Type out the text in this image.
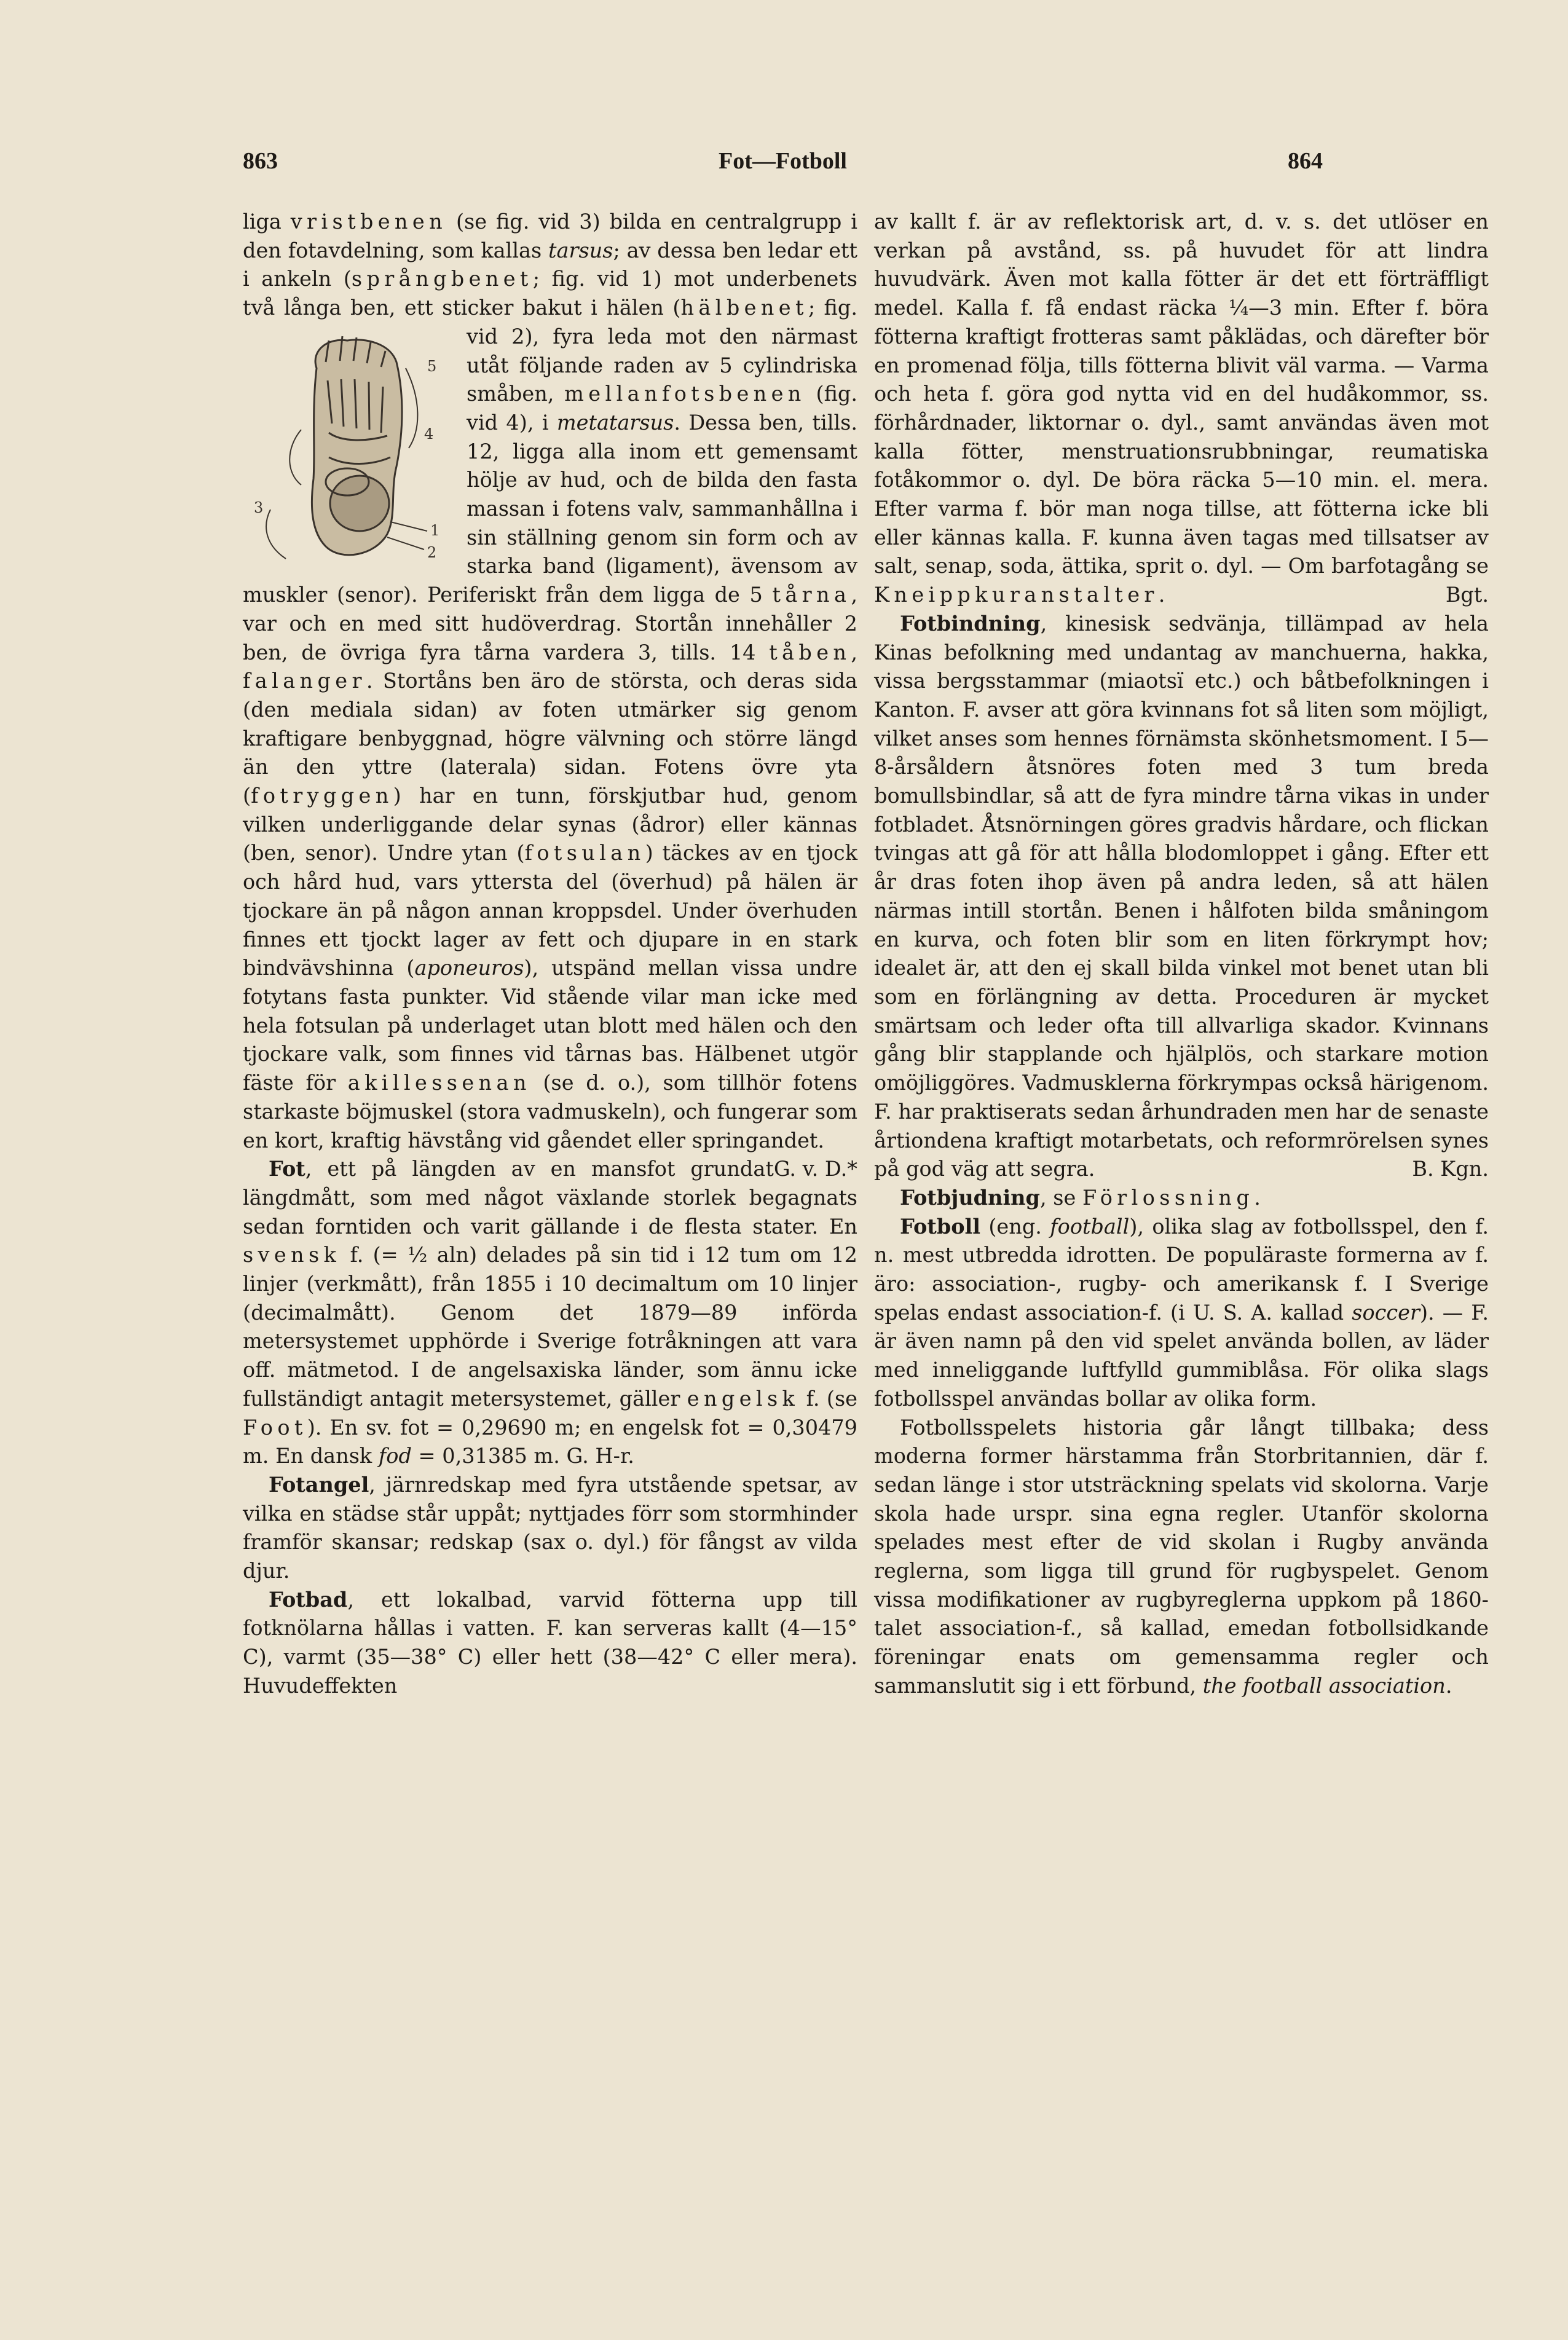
863	Fot—Fotboll	864

liga vristbenen (se fig. vid 3) bilda en centralgrupp i den fotavdelning, som kallas tarsus; av dessa ben ledar ett i ankeln (språngbenet; fig. vid 1) mot underbenets två långa ben, ett sticker bakut i hälen (
5
4
3
1
2
hälbenet; fig. vid 2), fyra leda mot den närmast utåt följande raden av 5 cylindriska småben, mellanfotsbenen (fig. vid 4), i metatarsus. Dessa ben, tills. 12, ligga alla inom ett gemensamt hölje av hud, och de bilda den fasta massan i fotens valv, sammanhållna i sin ställning genom sin form och av starka band (ligament), ävensom av muskler (senor). Periferiskt från dem ligga de 5 tårna, var och en med sitt hudöverdrag. Stortån innehåller 2 ben, de övriga fyra tårna vardera 3, tills. 14 tåben, falanger. Stortåns ben äro de största, och deras sida (den mediala sidan) av foten utmärker sig genom kraftigare benbyggnad, högre välvning och större längd än den yttre (laterala) sidan. Fotens övre yta (fotryggen) har en tunn, förskjutbar hud, genom vilken underliggande delar synas (ådror) eller kännas (ben, senor). Undre ytan (fotsulan) täckes av en tjock och hård hud, vars yttersta del (överhud) på hälen är tjockare än på någon annan kroppsdel. Under överhuden finnes ett tjockt lager av fett och djupare in en stark bindvävshinna (aponeuros), utspänd mellan vissa undre fotytans fasta punkter. Vid stående vilar man icke med hela fotsulan på underlaget utan blott med hälen och den tjockare valk, som finnes vid tårnas bas. Hälbenet utgör fäste för akillessenan (se d. o.), som tillhör fotens starkaste böjmuskel (stora vadmuskeln), och fungerar som en kort, kraftig hävstång vid gåendet eller springandet.
G. v. D.*

Fot, ett på längden av en mansfot grundat längdmått, som med något växlande storlek begagnats sedan forntiden och varit gällande i de flesta stater. En svensk f. (= ½ aln) delades på sin tid i 12 tum om 12 linjer (verkmått), från 1855 i 10 decimaltum om 10 linjer (decimalmått). Genom det 1879—89 införda metersystemet upphörde i Sverige fotråkningen att vara off. mätmetod. I de angelsaxiska länder, som ännu icke fullständigt antagit metersystemet, gäller engelsk f. (se Foot). En sv. fot = 0,29690 m; en engelsk fot = 0,30479 m. En dansk fod = 0,31385 m. G. H-r.

Fotangel, järnredskap med fyra utstående spetsar, av vilka en städse står uppåt; nyttjades förr som stormhinder framför skansar; redskap (sax o. dyl.) för fångst av vilda djur.

Fotbad, ett lokalbad, varvid fötterna upp till fotknölarna hållas i vatten. F. kan serveras kallt (4—15° C), varmt (35—38° C) eller hett (38—42° C eller mera). Huvudeffekten

av kallt f. är av reflektorisk art, d. v. s. det utlöser en verkan på avstånd, ss. på huvudet för att lindra huvudvärk. Även mot kalla fötter är det ett förträffligt medel. Kalla f. få endast räcka ¼—3 min. Efter f. böra fötterna kraftigt frotteras samt påklädas, och därefter bör en promenad följa, tills fötterna blivit väl varma. — Varma och heta f. göra god nytta vid en del hudåkommor, ss. förhårdnader, liktornar o. dyl., samt användas även mot kalla fötter, menstruationsrubbningar, reumatiska fotåkommor o. dyl. De böra räcka 5—10 min. el. mera. Efter varma f. bör man noga tillse, att fötterna icke bli eller kännas kalla. F. kunna även tagas med tillsatser av salt, senap, soda, ättika, sprit o. dyl. — Om barfotagång se Kneippkuranstalter.	Bgt.

Fotbindning, kinesisk sedvänja, tillämpad av hela Kinas befolkning med undantag av manchuerna, hakka, vissa bergsstammar (miaotsï etc.) och båtbefolkningen i Kanton. F. avser att göra kvinnans fot så liten som möjligt, vilket anses som hennes förnämsta skönhetsmoment. I 5—8-årsåldern åtsnöres foten med 3 tum breda bomullsbindlar, så att de fyra mindre tårna vikas in under fotbladet. Åtsnörningen göres gradvis hårdare, och flickan tvingas att gå för att hålla blodomloppet i gång. Efter ett år dras foten ihop även på andra leden, så att hälen närmas intill stortån. Benen i hålfoten bilda småningom en kurva, och foten blir som en liten förkrympt hov; idealet är, att den ej skall bilda vinkel mot benet utan bli som en förlängning av detta. Proceduren är mycket smärtsam och leder ofta till allvarliga skador. Kvinnans gång blir stapplande och hjälplös, och starkare motion omöjliggöres. Vadmusklerna förkrympas också härigenom. F. har praktiserats sedan århundraden men har de senaste årtiondena kraftigt motarbetats, och reformrörelsen synes på god väg att segra.	B. Kgn.

Fotbjudning, se Förlossning.

Fotboll (eng. football), olika slag av fotbollsspel, den f. n. mest utbredda idrotten. De populäraste formerna av f. äro: association-, rugby- och amerikansk f. I Sverige spelas endast association-f. (i U. S. A. kallad soccer). — F. är även namn på den vid spelet använda bollen, av läder med inneliggande luftfylld gummiblåsa. För olika slags fotbollsspel användas bollar av olika form.

Fotbollsspelets historia går långt tillbaka; dess moderna former härstamma från Storbritannien, där f. sedan länge i stor utsträckning spelats vid skolorna. Varje skola hade urspr. sina egna regler. Utanför skolorna spelades mest efter de vid skolan i Rugby använda reglerna, som ligga till grund för rugbyspelet. Genom vissa modifikationer av rugbyreglerna uppkom på 1860-talet association-f., så kallad, emedan fotbollsidkande föreningar enats om gemensamma regler och sammanslutit sig i ett förbund, the football association.
